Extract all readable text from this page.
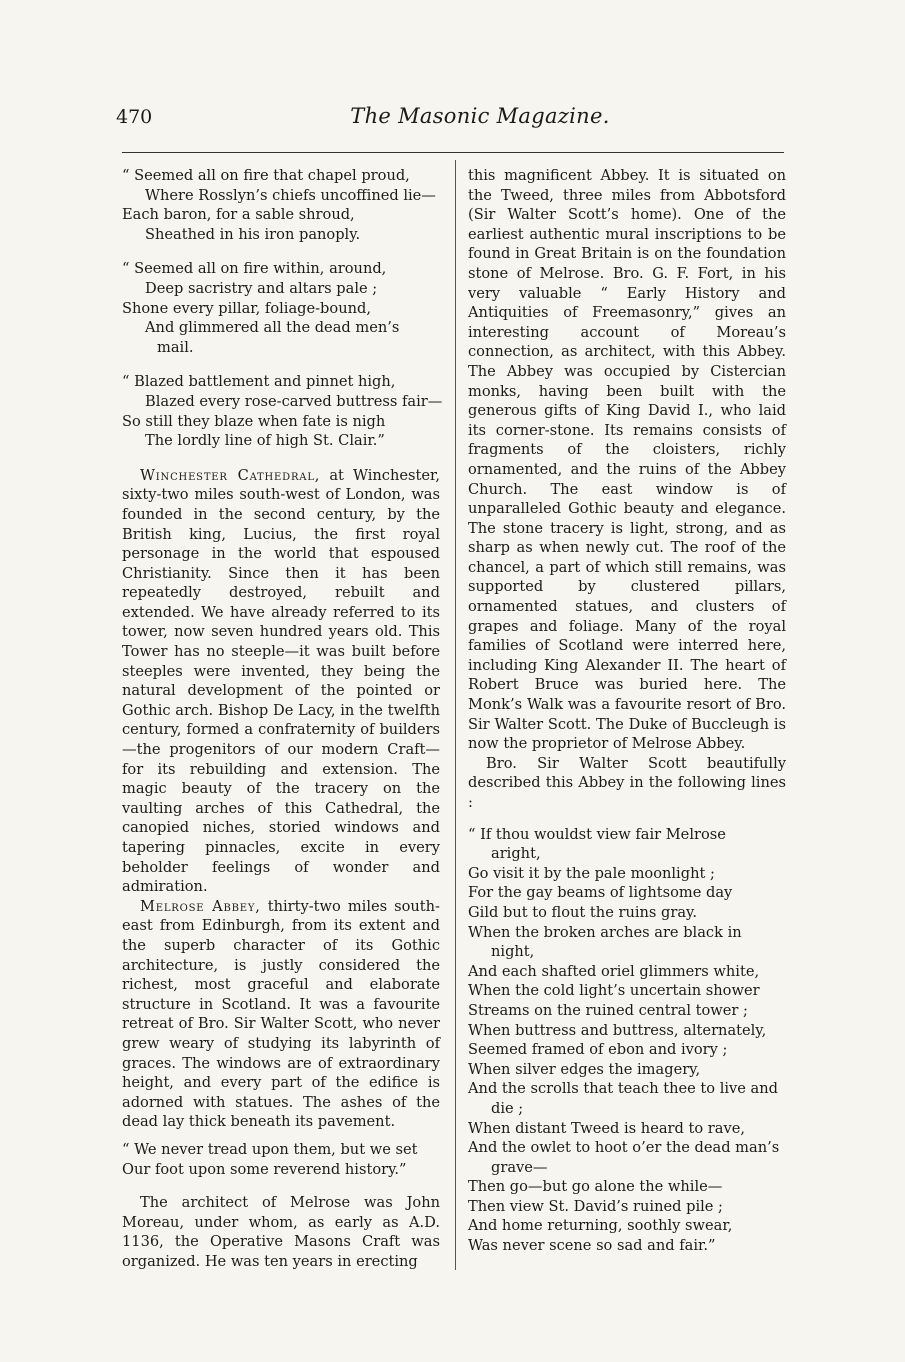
470	The Masonic Magazine.
“ Seemed all on fire that chapel proud,
Where Rosslyn’s chiefs uncoffined lie—
Each baron, for a sable shroud,
Sheathed in his iron panoply.
“ Seemed all on fire within, around,
Deep sacristry and altars pale ;
Shone every pillar, foliage-bound,
And glimmered all the dead men’s
mail.
“ Blazed battlement and pinnet high,
Blazed every rose-carved buttress fair—
So still they blaze when fate is nigh
The lordly line of high St. Clair.”

Winchester Cathedral, at Winchester, sixty-two miles south-west of London, was founded in the second century, by the British king, Lucius, the first royal personage in the world that espoused Christianity. Since then it has been repeatedly destroyed, rebuilt and extended. We have already referred to its tower, now seven hundred years old. This Tower has no steeple—it was built before steeples were invented, they being the natural development of the pointed or Gothic arch. Bishop De Lacy, in the twelfth century, formed a confraternity of builders—the progenitors of our modern Craft—for its rebuilding and extension. The magic beauty of the tracery on the vaulting arches of this Cathedral, the canopied niches, storied windows and tapering pinnacles, excite in every beholder feelings of wonder and admiration.

Melrose Abbey, thirty-two miles south-east from Edinburgh, from its extent and the superb character of its Gothic architecture, is justly considered the richest, most graceful and elaborate structure in Scotland. It was a favourite retreat of Bro. Sir Walter Scott, who never grew weary of studying its labyrinth of graces. The windows are of extraordinary height, and every part of the edifice is adorned with statues. The ashes of the dead lay thick beneath its pavement.

“ We never tread upon them, but we set
Our foot upon some reverend history.”

The architect of Melrose was John Moreau, under whom, as early as A.D. 1136, the Operative Masons Craft was organized. He was ten years in erecting

this magnificent Abbey. It is situated on the Tweed, three miles from Abbotsford (Sir Walter Scott’s home). One of the earliest authentic mural inscriptions to be found in Great Britain is on the foundation stone of Melrose. Bro. G. F. Fort, in his very valuable “ Early History and Antiquities of Freemasonry,” gives an interesting account of Moreau’s connection, as architect, with this Abbey. The Abbey was occupied by Cistercian monks, having been built with the generous gifts of King David I., who laid its corner-stone. Its remains consists of fragments of the cloisters, richly ornamented, and the ruins of the Abbey Church. The east window is of unparalleled Gothic beauty and elegance. The stone tracery is light, strong, and as sharp as when newly cut. The roof of the chancel, a part of which still remains, was supported by clustered pillars, ornamented statues, and clusters of grapes and foliage. Many of the royal families of Scotland were interred here, including King Alexander II. The heart of Robert Bruce was buried here. The Monk’s Walk was a favourite resort of Bro. Sir Walter Scott. The Duke of Buccleugh is now the proprietor of Melrose Abbey.

Bro. Sir Walter Scott beautifully described this Abbey in the following lines :

“ If thou wouldst view fair Melrose
aright,
Go visit it by the pale moonlight ;
For the gay beams of lightsome day
Gild but to flout the ruins gray.
When the broken arches are black in
night,
And each shafted oriel glimmers white,
When the cold light’s uncertain shower
Streams on the ruined central tower ;
When buttress and buttress, alternately,
Seemed framed of ebon and ivory ;
When silver edges the imagery,
And the scrolls that teach thee to live and
die ;
When distant Tweed is heard to rave,
And the owlet to hoot o’er the dead man’s
grave—
Then go—but go alone the while—
Then view St. David’s ruined pile ;
And home returning, soothly swear,
Was never scene so sad and fair.”
